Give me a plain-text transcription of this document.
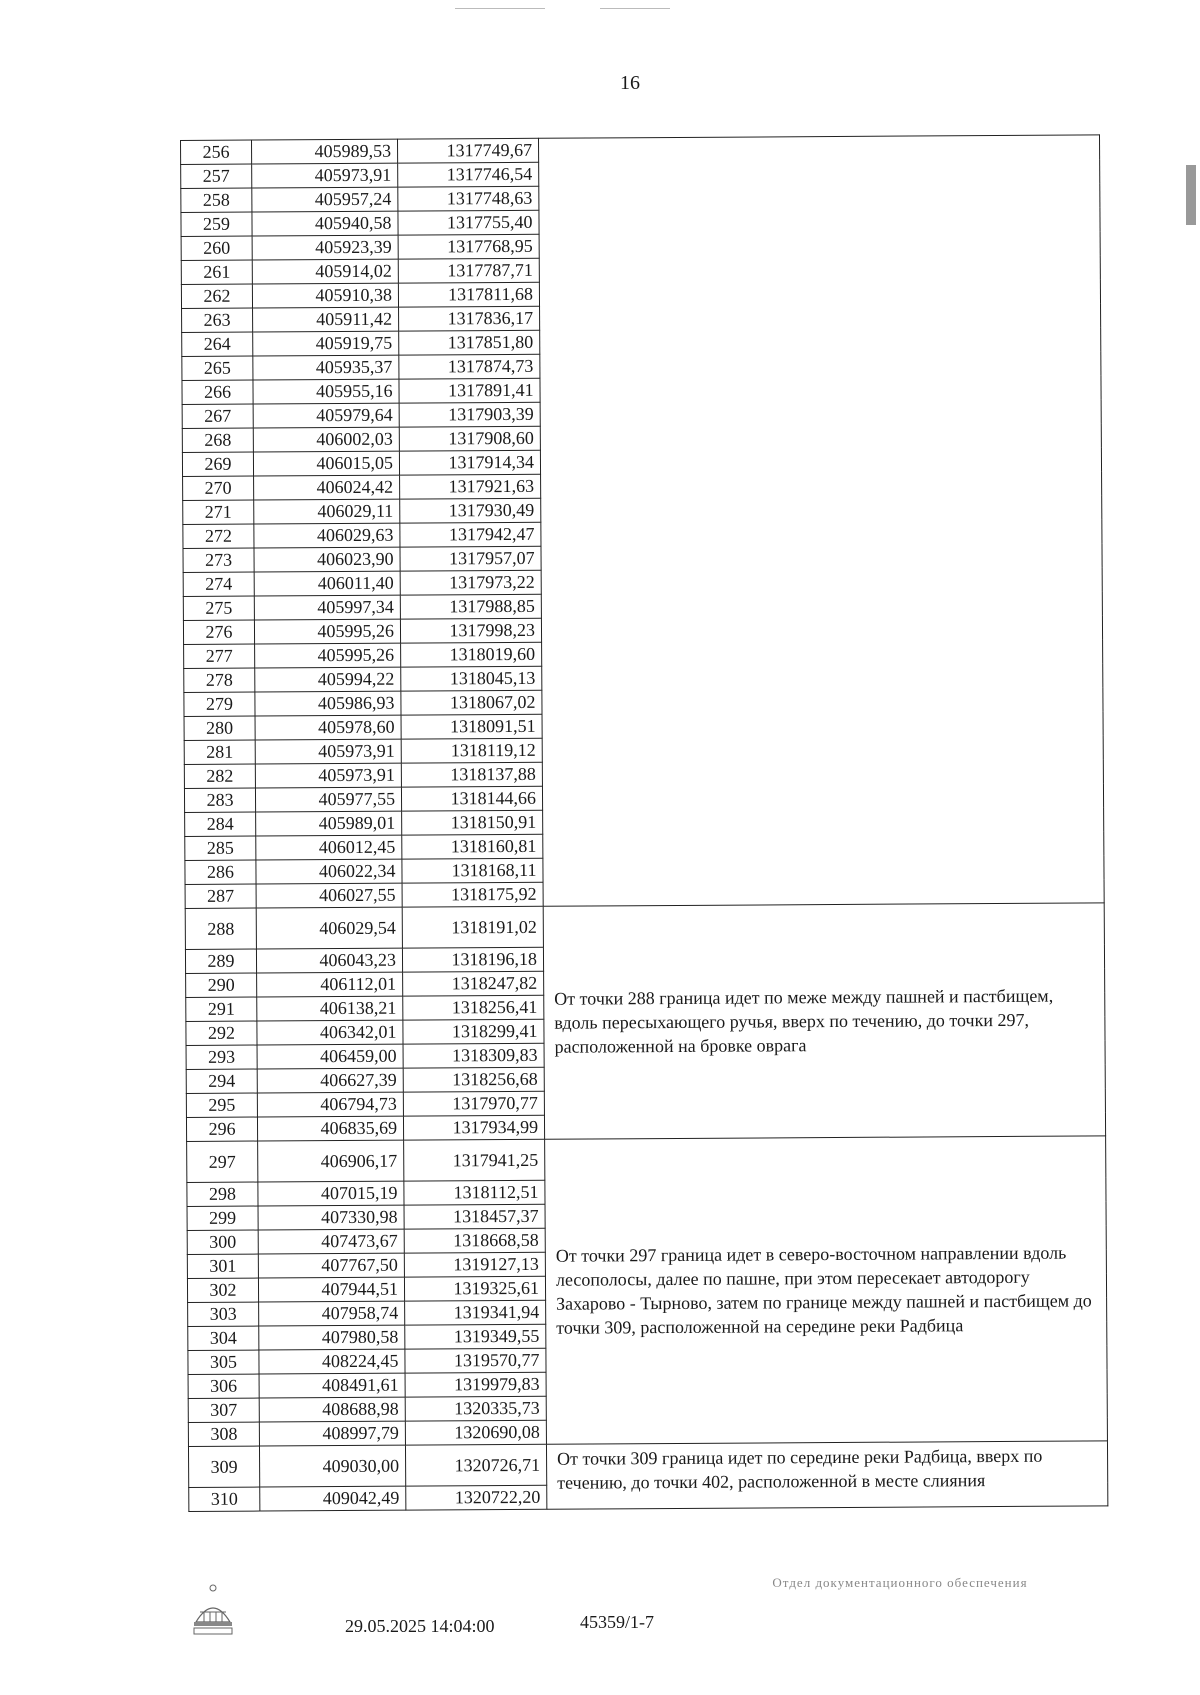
16
256	405989,53	1317749,67	
257	405973,91	1317746,54	
258	405957,24	1317748,63	
259	405940,58	1317755,40	
260	405923,39	1317768,95	
261	405914,02	1317787,71	
262	405910,38	1317811,68	
263	405911,42	1317836,17	
264	405919,75	1317851,80	
265	405935,37	1317874,73	
266	405955,16	1317891,41	
267	405979,64	1317903,39	
268	406002,03	1317908,60	
269	406015,05	1317914,34	
270	406024,42	1317921,63	
271	406029,11	1317930,49	
272	406029,63	1317942,47	
273	406023,90	1317957,07	
274	406011,40	1317973,22	
275	405997,34	1317988,85	
276	405995,26	1317998,23	
277	405995,26	1318019,60	
278	405994,22	1318045,13	
279	405986,93	1318067,02	
280	405978,60	1318091,51	
281	405973,91	1318119,12	
282	405973,91	1318137,88	
283	405977,55	1318144,66	
284	405989,01	1318150,91	
285	406012,45	1318160,81	
286	406022,34	1318168,11	
287	406027,55	1318175,92	
288	406029,54	1318191,02	От точки 288 граница идет по меже между пашней и пастбищем, вдоль пересыхающего ручья, вверх по течению, до точки 297, расположенной на бровке оврага
289	406043,23	1318196,18	
290	406112,01	1318247,82	
291	406138,21	1318256,41	
292	406342,01	1318299,41	
293	406459,00	1318309,83	
294	406627,39	1318256,68	
295	406794,73	1317970,77	
296	406835,69	1317934,99	
297	406906,17	1317941,25	От точки 297 граница идет в северо-восточном направлении вдоль лесополосы, далее по пашне, при этом пересекает автодорогу Захарово - Тырново, затем по границе между пашней и пастбищем до точки 309, расположенной на середине реки Радбица
298	407015,19	1318112,51	
299	407330,98	1318457,37	
300	407473,67	1318668,58	
301	407767,50	1319127,13	
302	407944,51	1319325,61	
303	407958,74	1319341,94	
304	407980,58	1319349,55	
305	408224,45	1319570,77	
306	408491,61	1319979,83	
307	408688,98	1320335,73	
308	408997,79	1320690,08	
309	409030,00	1320726,71	От точки 309 граница идет по середине реки Радбица, вверх по течению, до точки 402, расположенной в месте слияния
310	409042,49	1320722,20	
29.05.2025 14:04:00	45359/1-7
Отдел документационного обеспечения
